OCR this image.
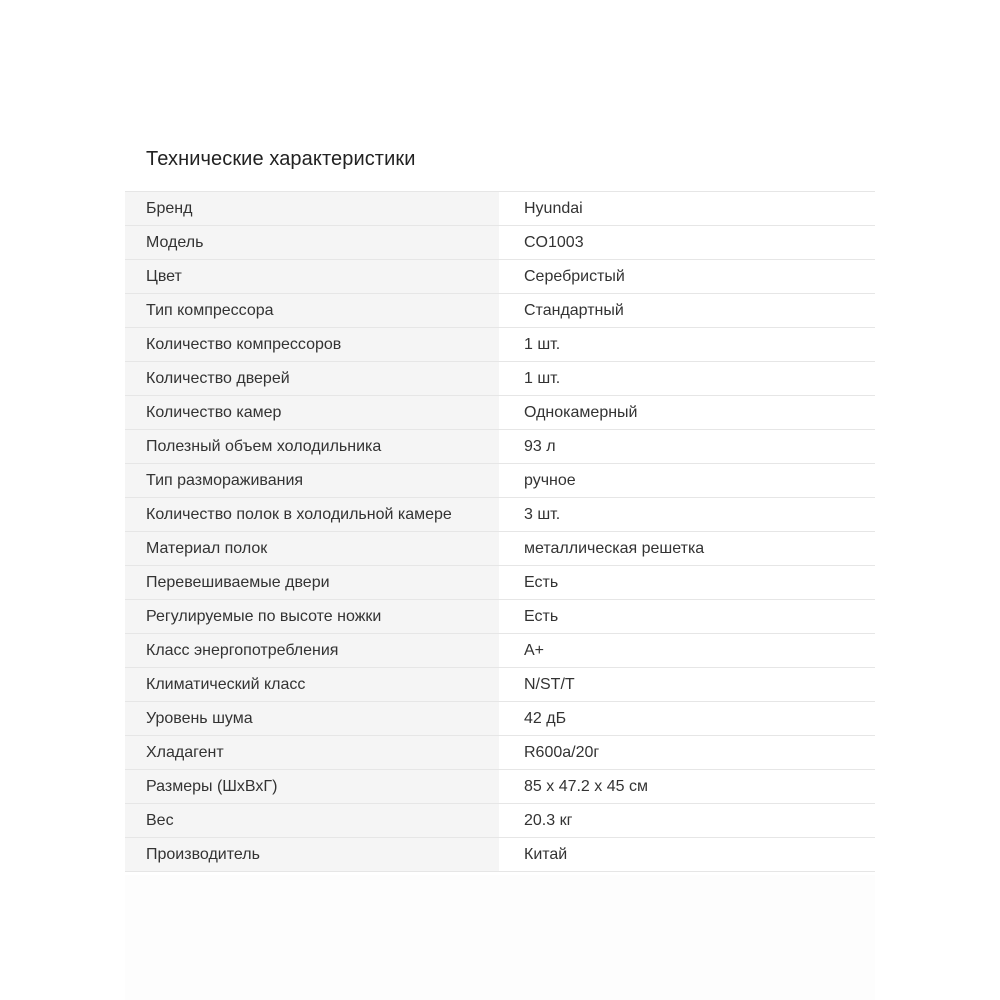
Технические характеристики
Бренд	Hyundai
Модель	CO1003
Цвет	Серебристый
Тип компрессора	Стандартный
Количество компрессоров	1 шт.
Количество дверей	1 шт.
Количество камер	Однокамерный
Полезный объем холодильника	93 л
Тип размораживания	ручное
Количество полок в холодильной камере	3 шт.
Материал полок	металлическая решетка
Перевешиваемые двери	Есть
Регулируемые по высоте ножки	Есть
Класс энергопотребления	A+
Климатический класс	N/ST/T
Уровень шума	42 дБ
Хладагент	R600a/20г
Размеры (ШхВхГ)	85 x 47.2 x 45 см
Вес	20.3 кг
Производитель	Китай
